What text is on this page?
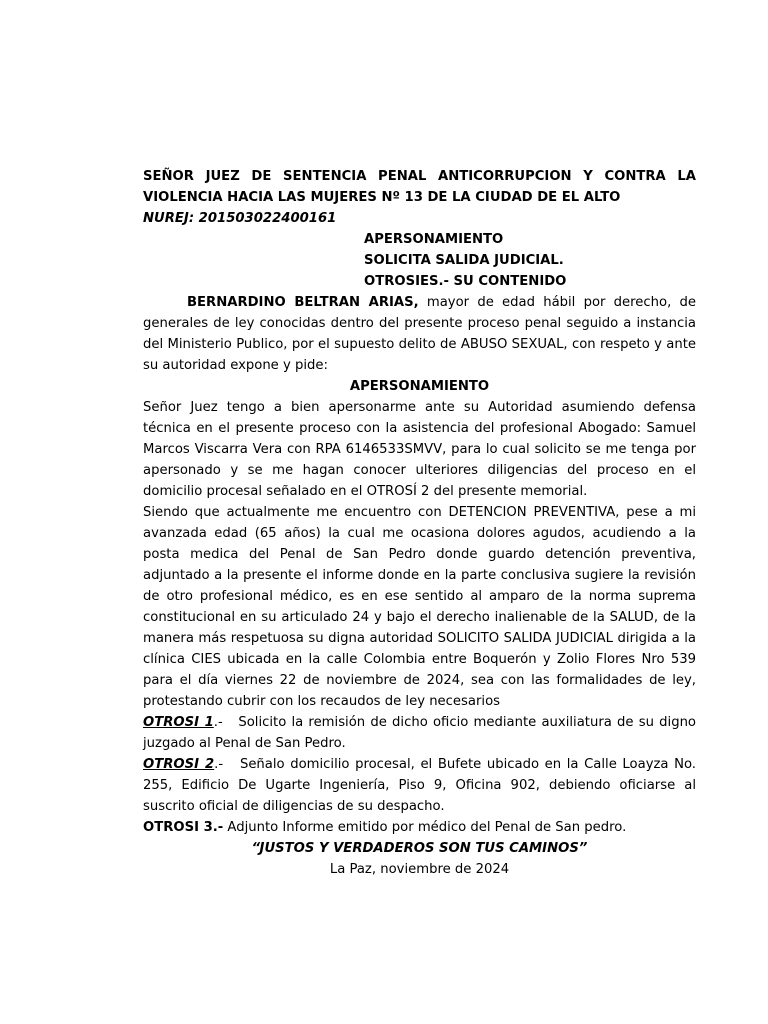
SEÑOR JUEZ DE SENTENCIA PENAL ANTICORRUPCION Y CONTRA LA VIOLENCIA HACIA LAS MUJERES Nº 13 DE LA CIUDAD DE EL ALTO

NUREJ: 201503022400161

APERSONAMIENTO

SOLICITA SALIDA JUDICIAL.

OTROSIES.- SU CONTENIDO

BERNARDINO BELTRAN ARIAS, mayor de edad hábil por derecho, de generales de ley conocidas dentro del presente proceso penal seguido a instancia del Ministerio Publico, por el supuesto delito de ABUSO SEXUAL, con respeto y ante su autoridad expone y pide:

APERSONAMIENTO

Señor Juez tengo a bien apersonarme ante su Autoridad asumiendo defensa técnica en el presente proceso con la asistencia del profesional Abogado: Samuel Marcos Viscarra Vera con RPA 6146533SMVV, para lo cual solicito se me tenga por apersonado y se me hagan conocer ulteriores diligencias del proceso en el domicilio procesal señalado en el OTROSÍ 2 del presente memorial.

Siendo que actualmente me encuentro con DETENCION PREVENTIVA, pese a mi avanzada edad (65 años) la cual me ocasiona dolores agudos, acudiendo a la posta medica del Penal de San Pedro donde guardo detención preventiva, adjuntado a la presente el informe donde en la parte conclusiva sugiere la revisión de otro profesional médico, es en ese sentido al amparo de la norma suprema constitucional en su articulado 24 y bajo el derecho inalienable de la SALUD, de la manera más respetuosa su digna autoridad SOLICITO SALIDA JUDICIAL dirigida a la clínica CIES ubicada en la calle Colombia entre Boquerón y Zolio Flores Nro 539 para el día viernes 22 de noviembre de 2024, sea con las formalidades de ley, protestando cubrir con los recaudos de ley necesarios

OTROSI 1.-   Solicito la remisión de dicho oficio mediante auxiliatura de su digno juzgado al Penal de San Pedro.

OTROSI 2.-   Señalo domicilio procesal, el Bufete ubicado en la Calle Loayza No. 255, Edificio De Ugarte Ingeniería, Piso 9, Oficina 902, debiendo oficiarse al suscrito oficial de diligencias de su despacho.

OTROSI 3.- Adjunto Informe emitido por médico del Penal de San pedro.

“JUSTOS Y VERDADEROS SON TUS CAMINOS”

La Paz, noviembre de 2024
